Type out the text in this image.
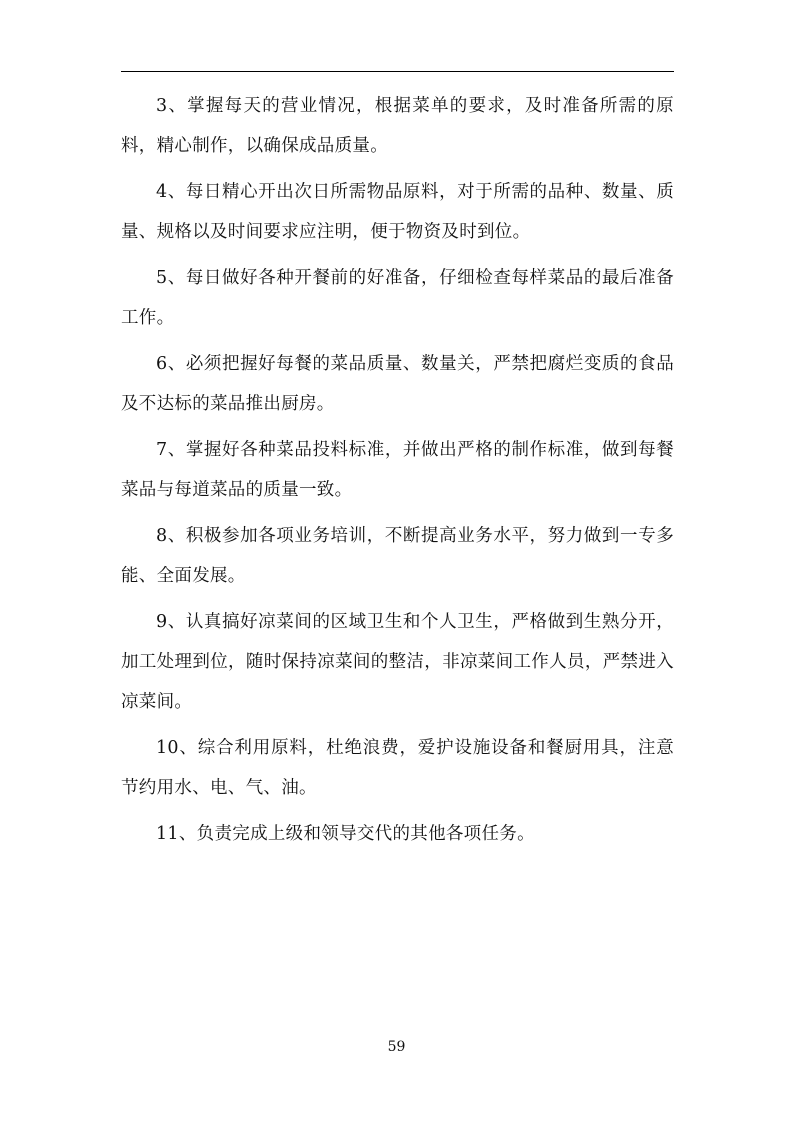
3、掌握每天的营业情况，根据菜单的要求，及时准备所需的原料，精心制作，以确保成品质量。

4、每日精心开出次日所需物品原料，对于所需的品种、数量、质量、规格以及时间要求应注明，便于物资及时到位。

5、每日做好各种开餐前的好准备，仔细检查每样菜品的最后准备工作。

6、必须把握好每餐的菜品质量、数量关，严禁把腐烂变质的食品及不达标的菜品推出厨房。

7、掌握好各种菜品投料标准，并做出严格的制作标准，做到每餐菜品与每道菜品的质量一致。

8、积极参加各项业务培训，不断提高业务水平，努力做到一专多能、全面发展。

9、认真搞好凉菜间的区域卫生和个人卫生，严格做到生熟分开，加工处理到位，随时保持凉菜间的整洁，非凉菜间工作人员，严禁进入凉菜间。

10、综合利用原料，杜绝浪费，爱护设施设备和餐厨用具，注意节约用水、电、气、油。

11、负责完成上级和领导交代的其他各项任务。

59
